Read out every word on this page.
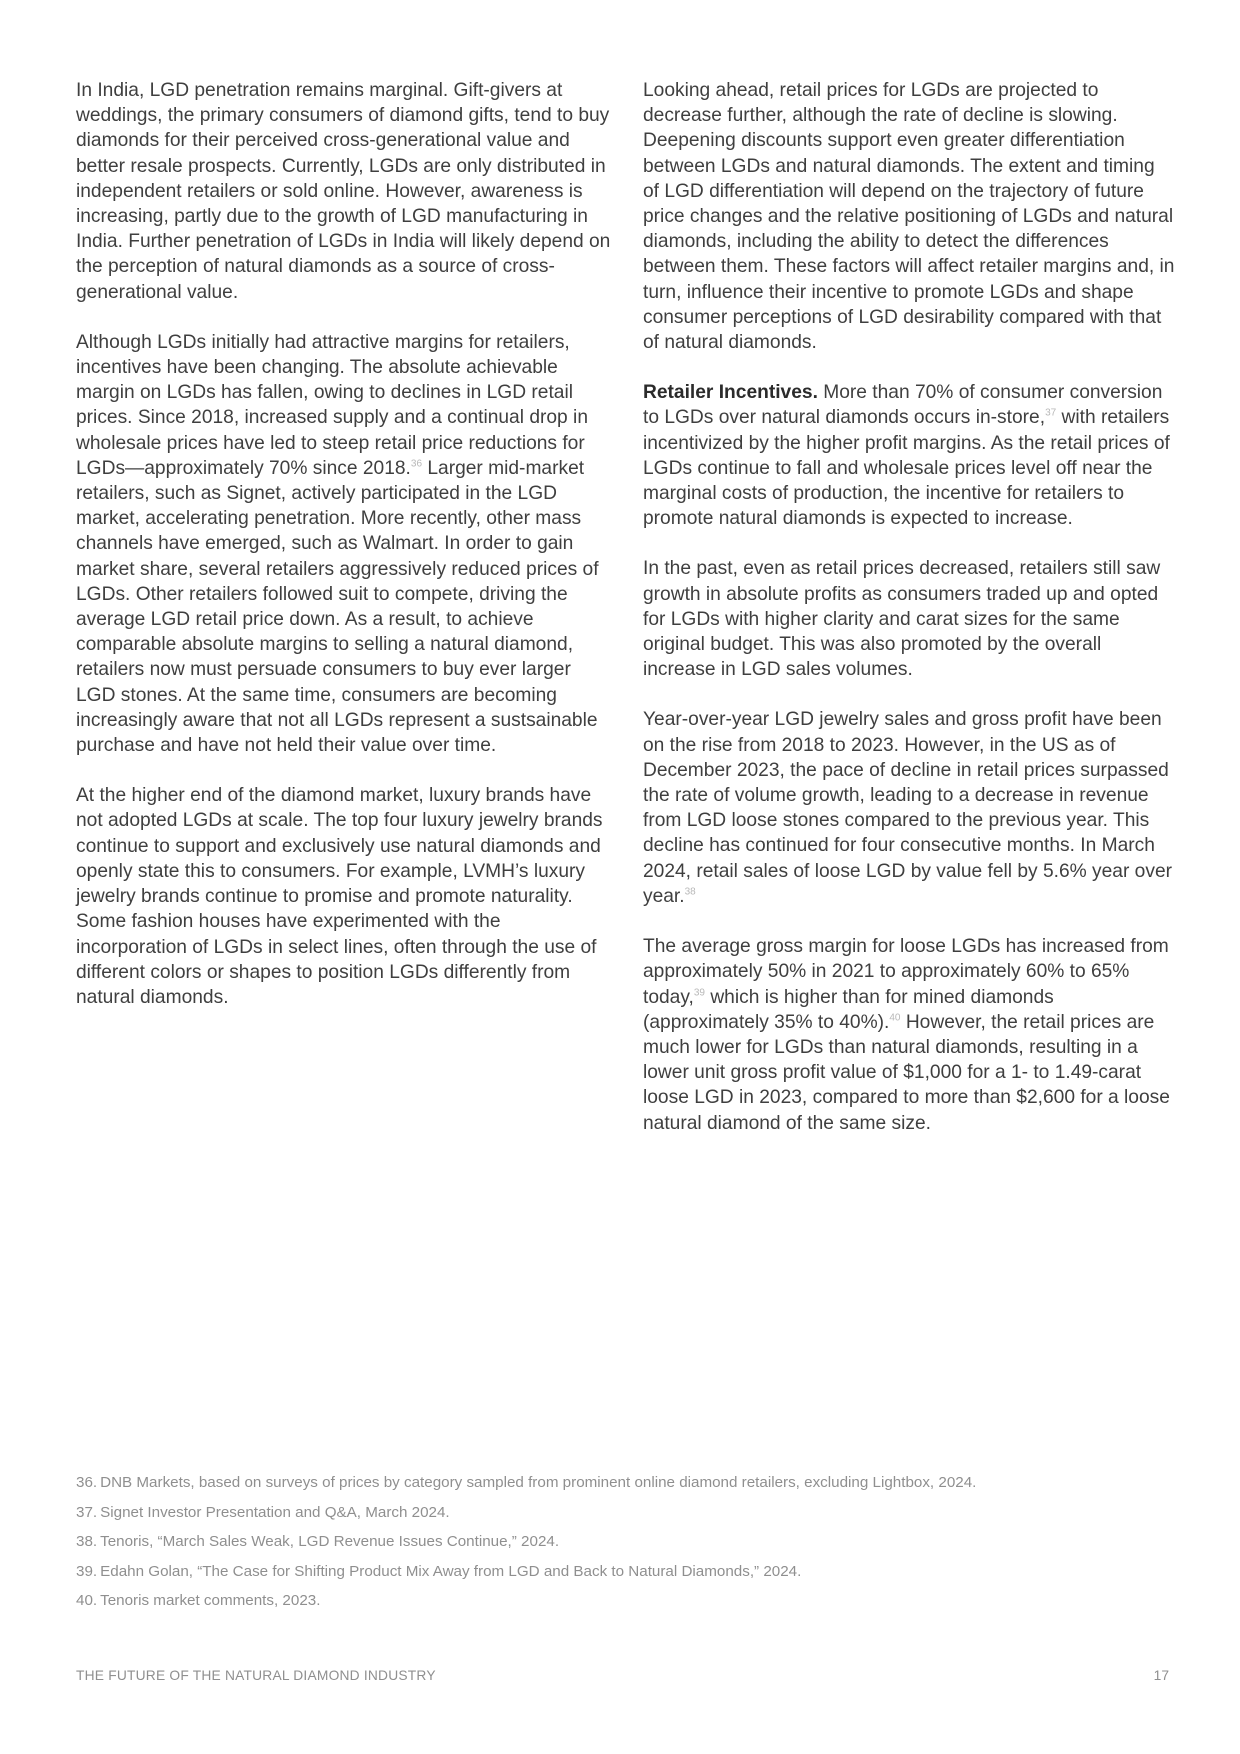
In India, LGD penetration remains marginal. Gift-givers at weddings, the primary consumers of diamond gifts, tend to buy diamonds for their perceived cross-generational value and better resale prospects. Currently, LGDs are only distributed in independent retailers or sold online. However, awareness is increasing, partly due to the growth of LGD manufacturing in India. Further penetration of LGDs in India will likely depend on the perception of natural diamonds as a source of cross-generational value.

Although LGDs initially had attractive margins for retailers, incentives have been changing. The absolute achievable margin on LGDs has fallen, owing to declines in LGD retail prices. Since 2018, increased supply and a continual drop in wholesale prices have led to steep retail price reductions for LGDs—approximately 70% since 2018.36 Larger mid-market retailers, such as Signet, actively participated in the LGD market, accelerating penetration. More recently, other mass channels have emerged, such as Walmart. In order to gain market share, several retailers aggressively reduced prices of LGDs. Other retailers followed suit to compete, driving the average LGD retail price down. As a result, to achieve comparable absolute margins to selling a natural diamond, retailers now must persuade consumers to buy ever larger LGD stones. At the same time, consumers are becoming increasingly aware that not all LGDs represent a sustsainable purchase and have not held their value over time.

At the higher end of the diamond market, luxury brands have not adopted LGDs at scale. The top four luxury jewelry brands continue to support and exclusively use natural diamonds and openly state this to consumers. For example, LVMH’s luxury jewelry brands continue to promise and promote naturality. Some fashion houses have experimented with the incorporation of LGDs in select lines, often through the use of different colors or shapes to position LGDs differently from natural diamonds.

Looking ahead, retail prices for LGDs are projected to decrease further, although the rate of decline is slowing. Deepening discounts support even greater differentiation between LGDs and natural diamonds. The extent and timing of LGD differentiation will depend on the trajectory of future price changes and the relative positioning of LGDs and natural diamonds, including the ability to detect the differences between them. These factors will affect retailer margins and, in turn, influence their incentive to promote LGDs and shape consumer perceptions of LGD desirability compared with that of natural diamonds.

Retailer Incentives. More than 70% of consumer conversion to LGDs over natural diamonds occurs in-store,$^{37}$ with retailers incentivized by the higher profit margins. As the retail prices of LGDs continue to fall and wholesale prices level off near the marginal costs of production, the incentive for retailers to promote natural diamonds is expected to increase.

In the past, even as retail prices decreased, retailers still saw growth in absolute profits as consumers traded up and opted for LGDs with higher clarity and carat sizes for the same original budget. This was also promoted by the overall increase in LGD sales volumes.

Year-over-year LGD jewelry sales and gross profit have been on the rise from 2018 to 2023. However, in the US as of December 2023, the pace of decline in retail prices surpassed the rate of volume growth, leading to a decrease in revenue from LGD loose stones compared to the previous year. This decline has continued for four consecutive months. In March 2024, retail sales of loose LGD by value fell by 5.6% year over year.$^{38}$

The average gross margin for loose LGDs has increased from approximately 50% in 2021 to approximately 60% to 65% today,$^{39}$ which is higher than for mined diamonds (approximately 35% to 40%).$^{40}$ However, the retail prices are much lower for LGDs than natural diamonds, resulting in a lower unit gross profit value of $1,000 for a 1- to 1.49-carat loose LGD in 2023, compared to more than $2,600 for a loose natural diamond of the same size.

36. DNB Markets, based on surveys of prices by category sampled from prominent online diamond retailers, excluding Lightbox, 2024.
37. Signet Investor Presentation and Q&A, March 2024.
38. Tenoris, “March Sales Weak, LGD Revenue Issues Continue,” 2024.
39. Edahn Golan, “The Case for Shifting Product Mix Away from LGD and Back to Natural Diamonds,” 2024.
40. Tenoris market comments, 2023.
THE FUTURE OF THE NATURAL DIAMOND INDUSTRY	17
